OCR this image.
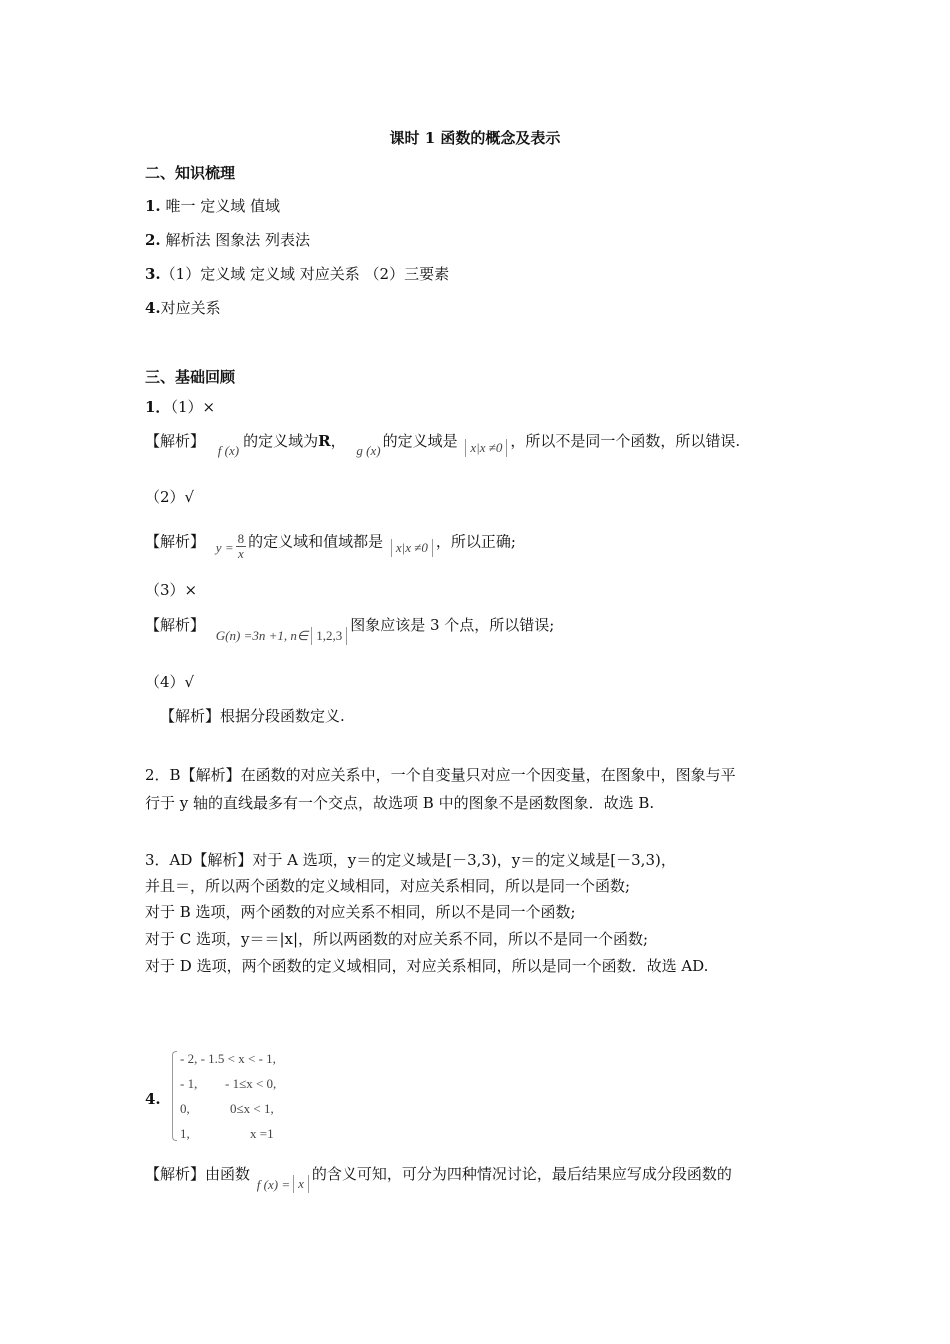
课时 1 函数的概念及表示
二、知识梳理
1. 唯一 定义域 值域
2. 解析法 图象法 列表法
3.（1）定义域 定义域 对应关系 （2）三要素
4.对应关系
三、基础回顾
1．（1）×
【解析】 f (x)的定义域为R， g (x)的定义域是 x|x ≠0 ，所以不是同一个函数，所以错误.
（2）√
【解析】 $y = \frac{8}{x}$ 的定义域和值域都是 x|x ≠0 ，所以正确;
（3）×
【解析】 G(n) =3n +1, n∈ 1,2,3图象应该是 3 个点，所以错误;
（4）√
【解析】根据分段函数定义.
2．B【解析】在函数的对应关系中，一个自变量只对应一个因变量，在图象中，图象与平
行于 y 轴的直线最多有一个交点，故选项 B 中的图象不是函数图象．故选 B.
3．AD【解析】对于 A 选项，y＝的定义域是[－3,3)，y＝的定义域是[－3,3)，
并且＝，所以两个函数的定义域相同，对应关系相同，所以是同一个函数;
对于 B 选项，两个函数的对应关系不相同，所以不是同一个函数;
对于 C 选项，y＝＝|x|，所以两函数的对应关系不同，所以不是同一个函数;
对于 D 选项，两个函数的定义域相同，对应关系相同，所以是同一个函数．故选 AD.
4.
- 2, - 1.5 < x < - 1,
- 1, - 1≤x < 0,
0,	0≤x < 1,
1,	x =1
【解析】由函数 f (x) = x的含义可知，可分为四种情况讨论，最后结果应写成分段函数的
